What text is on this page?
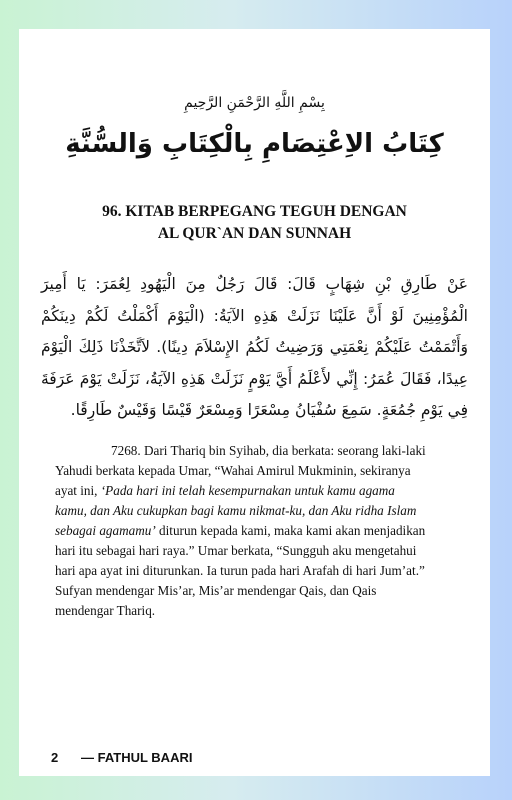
بِسْمِ اللَّهِ الرَّحْمَنِ الرَّحِيمِ
كِتَابُ الاِعْتِصَامِ بِالْكِتَابِ وَالسُّنَّةِ
96. KITAB BERPEGANG TEGUH DENGAN
AL QUR`AN DAN SUNNAH
عَنْ طَارِقِ بْنِ شِهَابٍ قَالَ: قَالَ رَجُلٌ مِنَ الْيَهُودِ لِعُمَرَ: يَا أَمِيرَ الْمُؤْمِنِينَ لَوْ أَنَّ عَلَيْنَا نَزَلَتْ هَذِهِ الآيَةُ: (الْيَوْمَ أَكْمَلْتُ لَكُمْ دِينَكُمْ وَأَتْمَمْتُ عَلَيْكُمْ نِعْمَتِي وَرَضِيتُ لَكُمُ الإِسْلاَمَ دِينًا). لاَتَّخَذْنَا ذَلِكَ الْيَوْمَ عِيدًا، فَقَالَ عُمَرُ: إِنِّي لأَعْلَمُ أَيَّ يَوْمٍ نَزَلَتْ هَذِهِ الآيَةُ، نَزَلَتْ يَوْمَ عَرَفَةَ فِي يَوْمِ جُمُعَةٍ. سَمِعَ سُفْيَانُ مِسْعَرًا وَمِسْعَرٌ قَيْسًا وَقَيْسٌ طَارِقًا.
7268. Dari Thariq bin Syihab, dia berkata: seorang laki-laki
Yahudi berkata kepada Umar, “Wahai Amirul Mukminin, sekiranya
ayat ini, ‘Pada hari ini telah kesempurnakan untuk kamu agama
kamu, dan Aku cukupkan bagi kamu nikmat-ku, dan Aku ridha Islam
sebagai agamamu’ diturun kepada kami, maka kami akan menjadikan
hari itu sebagai hari raya.” Umar berkata, “Sungguh aku mengetahui
hari apa ayat ini diturunkan. Ia turun pada hari Arafah di hari Jum’at.”
Sufyan mendengar Mis’ar, Mis’ar mendengar Qais, dan Qais
mendengar Thariq.
2 — FATHUL BAARI
